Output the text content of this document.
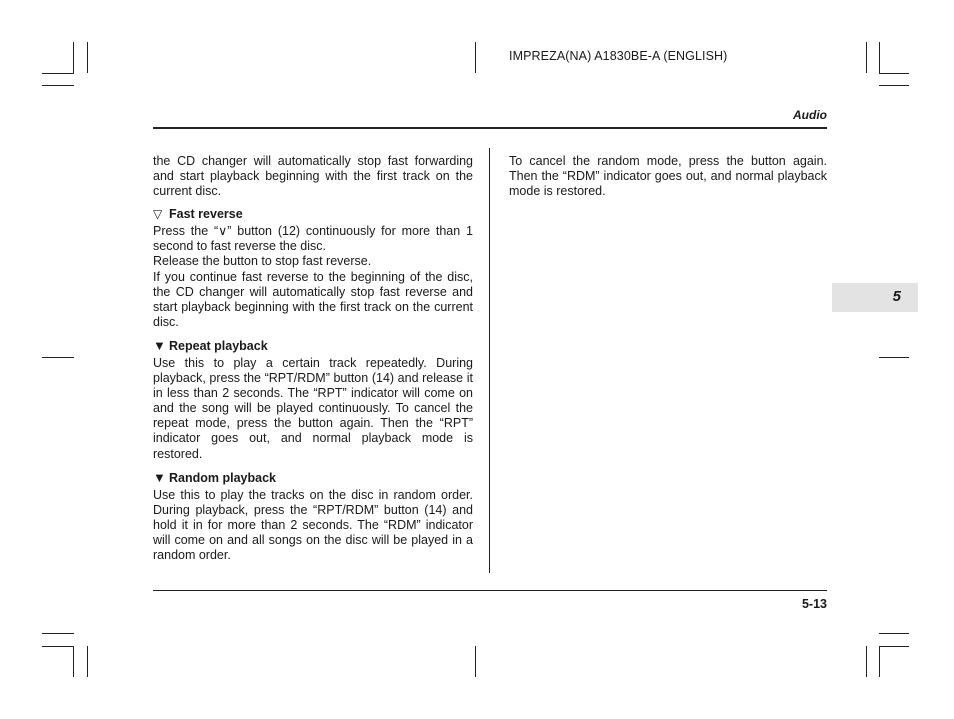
IMPREZA(NA) A1830BE-A (ENGLISH)
Audio
5

the CD changer will automatically stop fast forwarding and start playback beginning with the first track on the current disc.

▽ Fast reverse

Press the “∨” button (12) continuously for more than 1 second to fast reverse the disc.

Release the button to stop fast reverse.

If you continue fast reverse to the beginning of the disc, the CD changer will automatically stop fast reverse and start playback beginning with the first track on the current disc.

▼ Repeat playback

Use this to play a certain track repeatedly. During playback, press the “RPT/RDM” button (14) and release it in less than 2 seconds. The “RPT” indicator will come on and the song will be played continuously. To cancel the repeat mode, press the button again. Then the “RPT” indicator goes out, and normal playback mode is restored.

▼ Random playback

Use this to play the tracks on the disc in random order. During playback, press the “RPT/RDM” button (14) and hold it in for more than 2 seconds. The “RDM” indicator will come on and all songs on the disc will be played in a random order.

To cancel the random mode, press the button again. Then the “RDM” indicator goes out, and normal playback mode is restored.

5-13
